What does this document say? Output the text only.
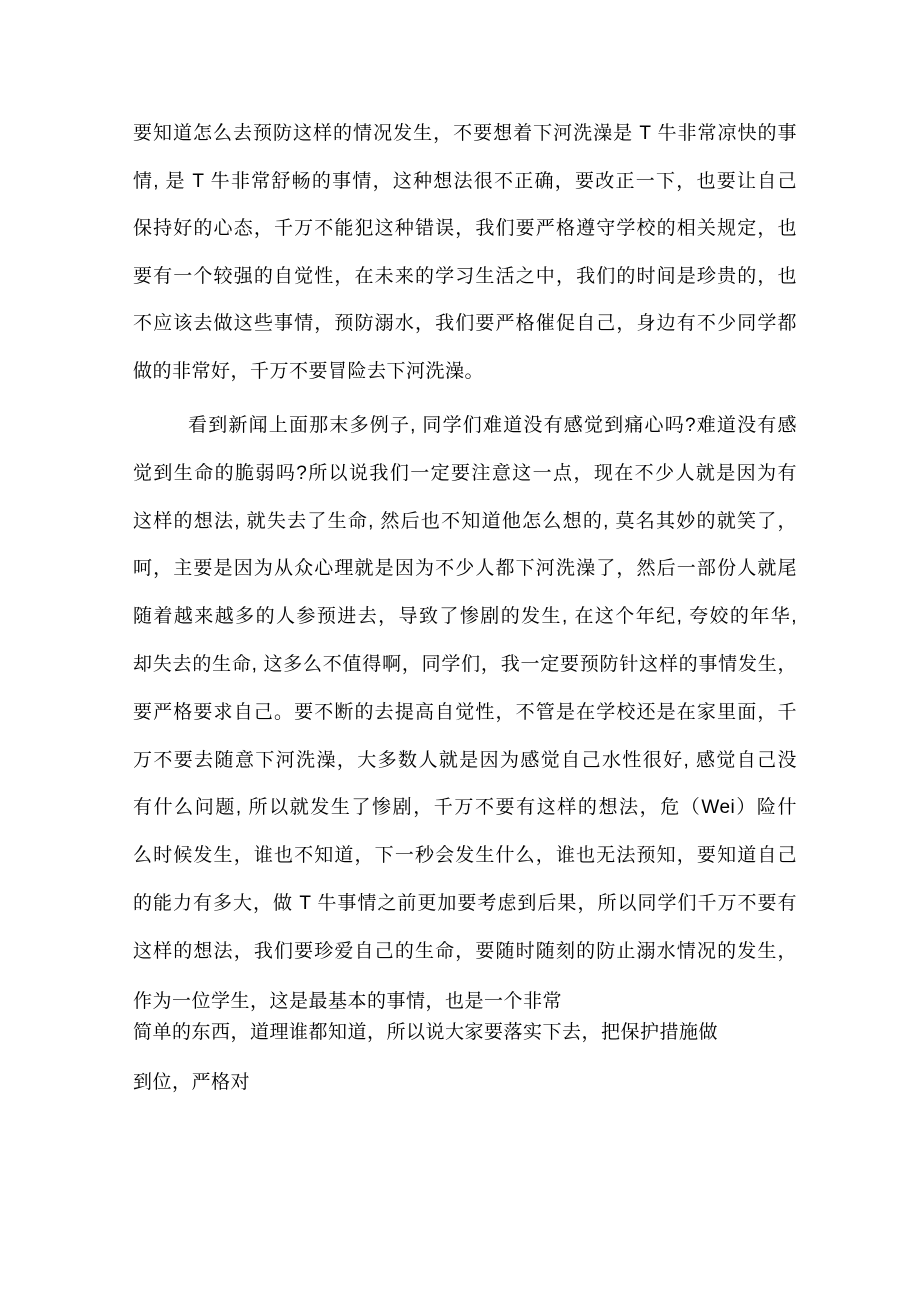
要知道怎么去预防这样的情况发生，不要想着下河洗澡是 T 牛非常凉快的事
情, 是 T 牛非常舒畅的事情，这种想法很不正确，要改正一下，也要让自己
保持好的心态，千万不能犯这种错误，我们要严格遵守学校的相关规定，也
要有一个较强的自觉性，在未来的学习生活之中，我们的时间是珍贵的，也
不应该去做这些事情，预防溺水，我们要严格催促自己，身边有不少同学都
做的非常好，千万不要冒险去下河洗澡。
看到新闻上面那末多例子, 同学们难道没有感觉到痛心吗?难道没有感
觉到生命的脆弱吗?所以说我们一定要注意这一点，现在不少人就是因为有
这样的想法, 就失去了生命, 然后也不知道他怎么想的, 莫名其妙的就笑了，
呵，主要是因为从众心理就是因为不少人都下河洗澡了，然后一部份人就尾
随着越来越多的人参预进去，导致了惨剧的发生, 在这个年纪, 夸姣的年华,
却失去的生命, 这多么不值得啊，同学们，我一定要预防针这样的事情发生，
要严格要求自己。要不断的去提高自觉性，不管是在学校还是在家里面，千
万不要去随意下河洗澡，大多数人就是因为感觉自己水性很好, 感觉自己没
有什么问题, 所以就发生了惨剧，千万不要有这样的想法，危（Wei）险什
么时候发生，谁也不知道，下一秒会发生什么，谁也无法预知，要知道自己
的能力有多大，做 T 牛事情之前更加要考虑到后果，所以同学们千万不要有
这样的想法，我们要珍爱自己的生命，要随时随刻的防止溺水情况的发生，
作为一位学生，这是最基本的事情，也是一个非常
简单的东西，道理谁都知道，所以说大家要落实下去，把保护措施做
到位，严格对
